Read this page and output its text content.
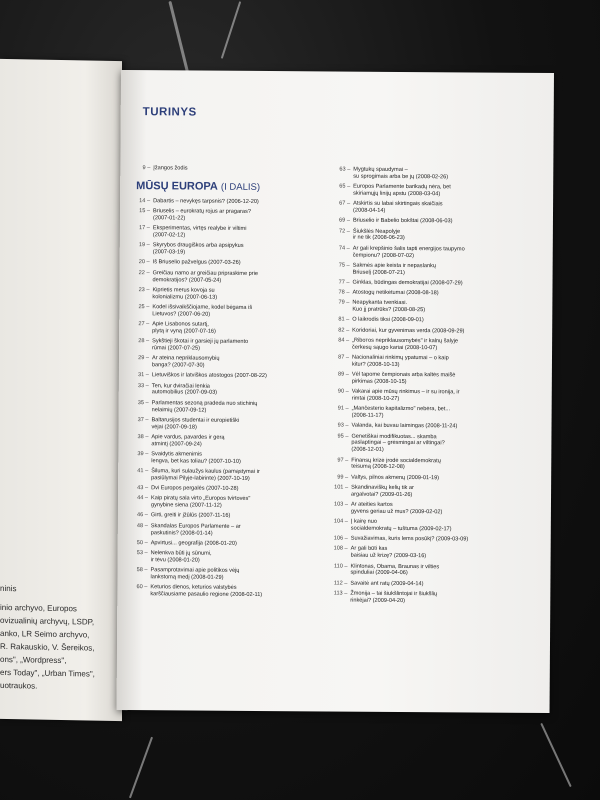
ninis
inio archyvo, Europos
ovizualinių archyvų, LSDP,
anko, LR Seimo archyvo,
R. Rakauskio, V. Šereikos,
ons", „Wordpress",
ers Today", „Urban Times",
uotraukos.
TURINYS
9 – Įžangos žodis
MŪSŲ EUROPA (I DALIS)
14 – Dabartis – nevykęs tarpsnis? (2006-12-20)
15 – Briuselis – eurokratų rojus ar pragaras?
(2007-01-22)
17 – Eksperimentas, virtęs realybe ir viltimi
(2007-02-12)
19 – Skyrybos draugiškos arba apsipykus
(2007-03-19)
20 – Iš Briuselio pažvelgus (2007-03-26)
22 – Greičiau namo ar greičiau pripraskime prie
demokratijos? (2007-05-24)
23 – Kiprietis merus kovoja su
kolonializmu (2007-06-13)
25 – Kodel išsivaikščiojame, kodel bėgama iš
Lietuvos? (2007-06-20)
27 – Apie Lisabonos sutartį,
plytą ir vyną (2007-07-16)
28 – Sykštieji škotai ir garsieji jų parlamento
rūmai (2007-07-25)
29 – Ar ateina nepriklausomybių
banga? (2007-07-30)
31 – Lietuviškos ir latviškos atostogos (2007-08-22)
33 – Ten, kur dviračiai lenkia
automobilius (2007-09-03)
35 – Parlamentas sezoną pradeda nuo stichinių
nelaimių (2007-09-12)
37 – Baltarusijos studentai ir europietiški
vėjai (2007-09-18)
38 – Apie vardus, pavardes ir gerą
atmintį (2007-09-24)
39 – Svaidytis akmenimis
lengva, bet kas toliau? (2007-10-10)
41 – Šiluma, kuri sulaužys kaulus (pamąstymai ir
pasiūlymai Pilyje-labirinte) (2007-10-19)
43 – Dvi Europos pergalės (2007-10-28)
44 – Kaip piratų sala virto „Europos tvirtovės"
gynybine siena (2007-11-12)
46 – Girti, greiti ir įžūlūs (2007-11-16)
48 – Skandalas Europos Parlamente – ar
paskutinis? (2008-01-14)
50 – Apvirtusi... geografija (2008-01-20)
53 – Nelenkva būti jų sūnumi,
ir tėvu (2008-01-20)
58 – Pasamprotavimai apie politikos vėjų
lankstomą medį (2008-01-29)
60 – Keturios dienos, keturios valstybės
karščiausiame pasaulio regione (2008-02-11)
63 – Mygtukų spaudymai –
su sprogimais arba be jų (2008-02-26)
65 – Europos Parlamente barikadų nėra, bet
skiriamųjų linijų apstu (2008-03-04)
67 – Atskirtis su labai skirtingais skaičiais
(2008-04-14)
69 – Briuselio ir Babelio bokštai (2008-06-03)
72 – Šiukšlės Neapolyje
ir ne tik (2008-06-23)
74 – Ar gali krepšinio šalis tapti energijos taupymo
čempionu? (2008-07-02)
75 – Sakmės apie keista ir nepaslankų
Briuselį (2008-07-21)
77 – Ginklas, būdingas demokratijai (2008-07-29)
78 – Atostogų netikėtumai (2008-08-18)
79 – Neapykanta tvenkiasi.
Kuo jį pratrūks? (2008-08-25)
81 – O laikrodis tiksi (2008-09-01)
82 – Koridoriai, kur gyvenimas verda (2008-09-29)
84 – „Riboтos nepriklausomybės" ir kalnų šalyje
čerkesų sąugo kariai (2008-10-07)
87 – Nacionaliniai rinkimų ypatumai – o kaip
kitur? (2008-10-13)
89 – Vėl tapome čempionais arba kaltės maišė
pirkimas (2008-10-15)
90 – Vakarai apie mūsų rinkimus – ir su ironija, ir
rimtai (2008-10-27)
91 – „Mančesterio kapitalizmo" nebėra, bet...
(2008-11-17)
93 – Valanda, kai buvau laimingas (2008-11-24)
95 – Genetiškai modifikuotas... skamba
paslaptingai – grėsmingai ar viltingai?
(2008-12-01)
97 – Finansų krizė įrodė socialdemokratų
teisumą (2008-12-08)
99 – Valtys, pilnos akmenų (2009-01-19)
101 – Skandinaviškų kelių tik ar
argalvotai? (2009-01-26)
103 – Ar ateities kartos
gyvens geriau už mus? (2009-02-02)
104 – Į kairę nuo
socialdemokratų – tuštuma (2009-02-17)
106 – Suvažiavimas, kuris lems posūkį? (2009-03-09)
108 – Ar gali būti kas
baisiau už krizę? (2009-03-16)
110 – Klintonas, Obama, Braunas ir vilties
spinduliai (2009-04-06)
112 – Savaitė ant ratų (2009-04-14)
113 – Žmonija – tai šiukšlintojai ir šiukšlių
rinkėjai? (2009-04-20)
